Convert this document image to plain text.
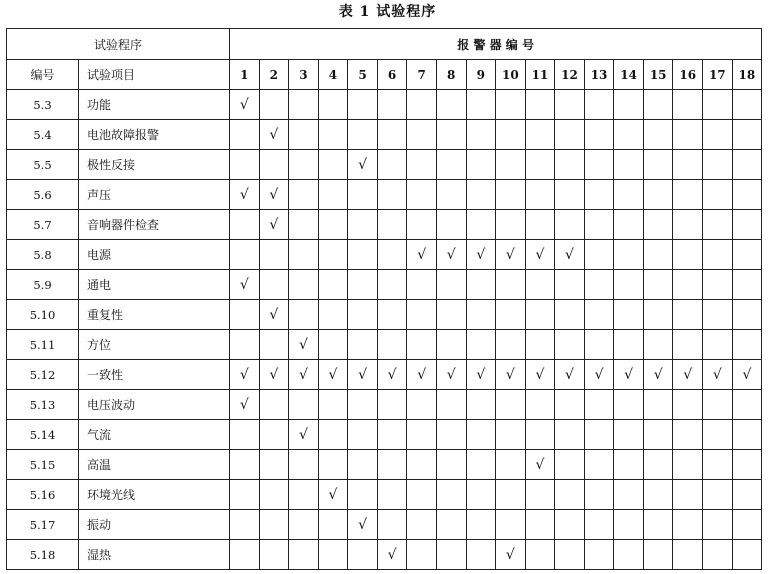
表 1 试验程序
试验程序		报 警 器 编 号																	
编号	试验项目	1	2	3	4	5	6	7	8	9	10	11	12	13	14	15	16	17	18
5.3	功能	√																	
5.4	电池故障报警		√																
5.5	极性反接					√													
5.6	声压	√	√																
5.7	音响器件检查		√																
5.8	电源							√	√	√	√	√	√						
5.9	通电	√																	
5.10	重复性		√																
5.11	方位			√															
5.12	一致性	√	√	√	√	√	√	√	√	√	√	√	√	√	√	√	√	√	√
5.13	电压波动	√																	
5.14	气流			√															
5.15	高温											√							
5.16	环境光线				√														
5.17	振动					√													
5.18	湿热						√				√								
